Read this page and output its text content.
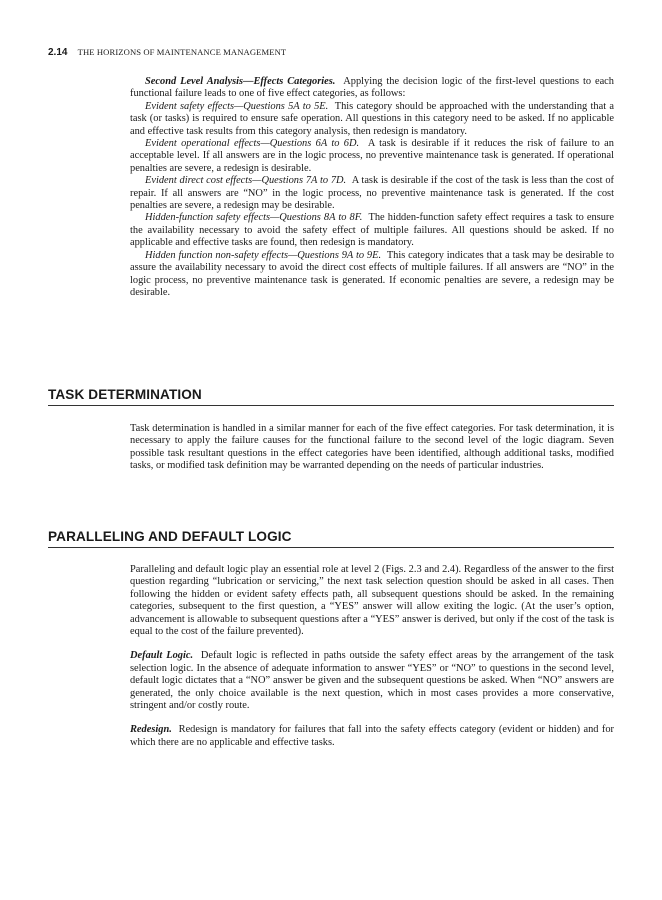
2.14 THE HORIZONS OF MAINTENANCE MANAGEMENT

Second Level Analysis—Effects Categories. Applying the decision logic of the first-level questions to each functional failure leads to one of five effect categories, as follows:

Evident safety effects—Questions 5A to 5E. This category should be approached with the understanding that a task (or tasks) is required to ensure safe operation. All questions in this category need to be asked. If no applicable and effective task results from this category analysis, then redesign is mandatory.

Evident operational effects—Questions 6A to 6D. A task is desirable if it reduces the risk of failure to an acceptable level. If all answers are in the logic process, no preventive maintenance task is generated. If operational penalties are severe, a redesign is desirable.

Evident direct cost effects—Questions 7A to 7D. A task is desirable if the cost of the task is less than the cost of repair. If all answers are “NO” in the logic process, no preventive maintenance task is generated. If the cost penalties are severe, a redesign may be desirable.

Hidden-function safety effects—Questions 8A to 8F. The hidden-function safety effect requires a task to ensure the availability necessary to avoid the safety effect of multiple failures. All questions should be asked. If no applicable and effective tasks are found, then redesign is mandatory.

Hidden function non-safety effects—Questions 9A to 9E. This category indicates that a task may be desirable to assure the availability necessary to avoid the direct cost effects of multiple failures. If all answers are “NO” in the logic process, no preventive maintenance task is generated. If economic penalties are severe, a redesign may be desirable.

TASK DETERMINATION

Task determination is handled in a similar manner for each of the five effect categories. For task determination, it is necessary to apply the failure causes for the functional failure to the second level of the logic diagram. Seven possible task resultant questions in the effect categories have been identified, although additional tasks, modified tasks, or modified task definition may be warranted depending on the needs of particular industries.

PARALLELING AND DEFAULT LOGIC

Paralleling and default logic play an essential role at level 2 (Figs. 2.3 and 2.4). Regardless of the answer to the first question regarding “lubrication or servicing,” the next task selection question should be asked in all cases. Then following the hidden or evident safety effects path, all subsequent questions should be asked. In the remaining categories, subsequent to the first question, a “YES” answer will allow exiting the logic. (At the user’s option, advancement is allowable to subsequent questions after a “YES” answer is derived, but only if the cost of the task is equal to the cost of the failure prevented).

Default Logic. Default logic is reflected in paths outside the safety effect areas by the arrangement of the task selection logic. In the absence of adequate information to answer “YES” or “NO” to questions in the second level, default logic dictates that a “NO” answer be given and the subsequent questions be asked. When “NO” answers are generated, the only choice available is the next question, which in most cases provides a more conservative, stringent and/or costly route.

Redesign. Redesign is mandatory for failures that fall into the safety effects category (evident or hidden) and for which there are no applicable and effective tasks.
